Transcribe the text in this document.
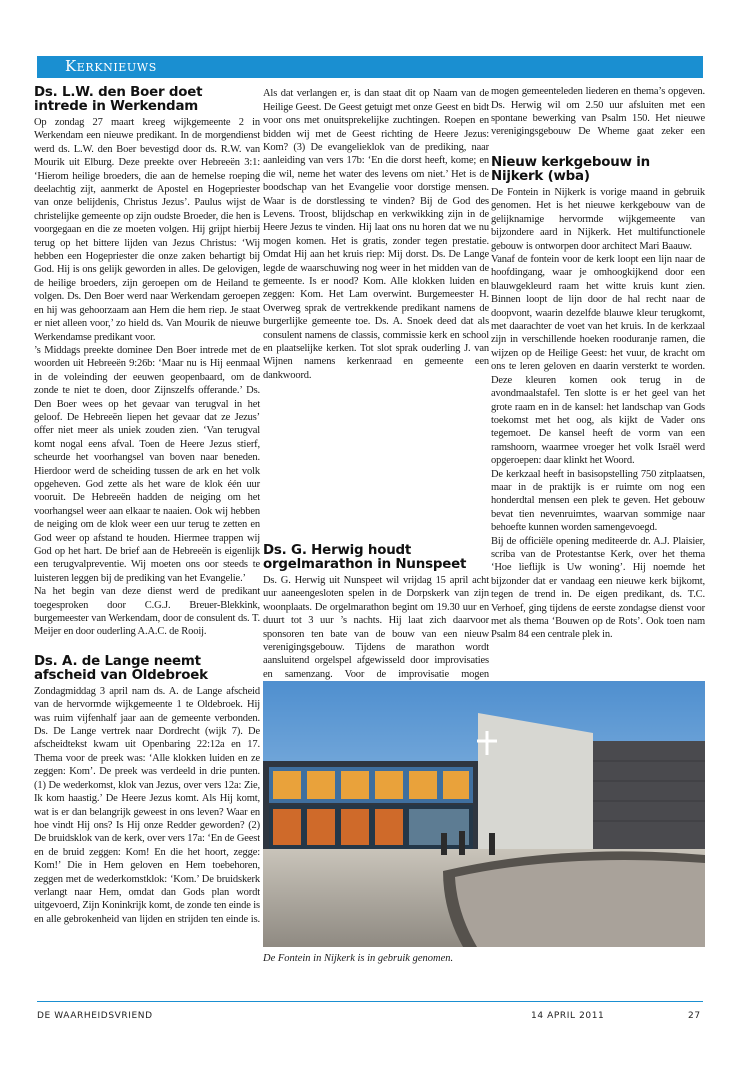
Kerknieuws
Ds. L.W. den Boer doet intrede in Werkendam

Op zondag 27 maart kreeg wijkgemeente 2 in Werkendam een nieuwe predikant. In de morgendienst werd ds. L.W. den Boer bevestigd door ds. R.W. van Mourik uit Elburg. Deze preekte over Hebreeën 3:1: ‘Hierom heilige broeders, die aan de hemelse roeping deelachtig zijt, aanmerkt de Apostel en Hogepriester van onze belijdenis, Christus Jezus’. Paulus wijst de christelijke gemeente op zijn oudste Broeder, die hen is voorgegaan en die ze moeten volgen. Hij grijpt hierbij terug op het bittere lijden van Jezus Christus: ‘Wij hebben een Hogepriester die onze zaken behartigt bij God. Hij is ons gelijk geworden in alles. De gelovigen, de heilige broeders, zijn geroepen om de Heiland te volgen. Ds. Den Boer werd naar Werkendam geroepen en hij was gehoorzaam aan Hem die hem riep. Je staat er niet alleen voor,’ zo hield ds. Van Mourik de nieuwe Werkendamse predikant voor.

’s Middags preekte dominee Den Boer intrede met de woorden uit Hebreeën 9:26b: ‘Maar nu is Hij eenmaal in de voleinding der eeuwen geopenbaard, om de zonde te niet te doen, door Zijnszelfs offerande.’ Ds. Den Boer wees op het gevaar van terugval in het geloof. De Hebreeën liepen het gevaar dat ze Jezus’ offer niet meer als uniek zouden zien. ‘Van terugval komt nogal eens afval. Toen de Heere Jezus stierf, scheurde het voorhangsel van boven naar beneden. Hierdoor werd de scheiding tussen de ark en het volk opgeheven. God zette als het ware de klok één uur vooruit. De Hebreeën hadden de neiging om het voorhangsel weer aan elkaar te naaien. Ook wij hebben de neiging om de klok weer een uur terug te zetten en God weer op afstand te houden. Hiermee trappen wij God op het hart. De brief aan de Hebreeën is eigenlijk een terugvalpreventie. Wij moeten ons oor steeds te luisteren leggen bij de prediking van het Evangelie.’

Na het begin van deze dienst werd de predikant toegesproken door C.G.J. Breuer-Blekkink, burgemeester van Werkendam, door de consulent ds. T. Meijer en door ouderling A.A.C. de Rooij.

Ds. A. de Lange neemt afscheid van Oldebroek

Zondagmiddag 3 april nam ds. A. de Lange afscheid van de hervormde wijkgemeente 1 te Oldebroek. Hij was ruim vijfenhalf jaar aan de gemeente verbonden. Ds. De Lange vertrek naar Dordrecht (wijk 7). De afscheidtekst kwam uit Openbaring 22:12a en 17. Thema voor de preek was: ‘Alle klokken luiden en ze zeggen: Kom’. De preek was verdeeld in drie punten. (1) De wederkomst, klok van Jezus, over vers 12a: Zie, Ik kom haastig.’ De Heere Jezus komt. Als Hij komt, wat is er dan belangrijk geweest in ons leven? Waar en hoe vindt Hij ons? Is Hij onze Redder geworden? (2) De bruidsklok van de kerk, over vers 17a: ‘En de Geest en de bruid zeggen: Kom! En die het hoort, zegge: Kom!’ Die in Hem geloven en Hem toebehoren, zeggen met de wederkomstklok: ‘Kom.’ De bruidskerk verlangt naar Hem, omdat dan Gods plan wordt uitgevoerd, Zijn Koninkrijk komt, de zonde ten einde is en alle gebrokenheid van lijden en strijden ten einde is.

Als dat verlangen er, is dan staat dit op Naam van de Heilige Geest. De Geest getuigt met onze Geest en bidt voor ons met onuitsprekelijke zuchtingen. Roepen en bidden wij met de Geest richting de Heere Jezus: Kom? (3) De evangelieklok van de prediking, naar aanleiding van vers 17b: ‘En die dorst heeft, kome; en die wil, neme het water des levens om niet.’ Het is de boodschap van het Evangelie voor dorstige mensen. Waar is de dorstlessing te vinden? Bij de God des Levens. Troost, blijdschap en verkwikking zijn in de Heere Jezus te vinden. Hij laat ons nu horen dat we nu mogen komen. Het is gratis, zonder tegen prestatie. Omdat Hij aan het kruis riep: Mij dorst. Ds. De Lange legde de waarschuwing nog weer in het midden van de gemeente. Is er nood? Kom. Alle klokken luiden en zeggen: Kom. Het Lam overwint. Burgemeester H. Overweg sprak de vertrekkende predikant namens de burgerlijke gemeente toe. Ds. A. Snoek deed dat als consulent namens de classis, commissie kerk en school en plaatselijke kerken. Tot slot sprak ouderling J. van Wijnen namens kerkenraad en gemeente een dankwoord.

Ds. G. Herwig houdt orgelmarathon in Nunspeet

Ds. G. Herwig uit Nunspeet wil vrijdag 15 april acht uur aaneengesloten spelen in de Dorpskerk van zijn woonplaats. De orgelmarathon begint om 19.30 uur en duurt tot 3 uur ’s nachts. Hij laat zich daarvoor sponsoren ten bate van de bouw van een nieuw verenigingsgebouw. Tijdens de marathon wordt aansluitend orgelspel afgewisseld door improvisaties en samenzang. Voor de improvisatie mogen

mogen gemeenteleden liederen en thema’s opgeven. Ds. Herwig wil om 2.50 uur afsluiten met een spontane bewerking van Psalm 150. Het nieuwe verenigingsgebouw De Wheme gaat zeker een

Nieuw kerkgebouw in Nijkerk (wba)

De Fontein in Nijkerk is vorige maand in gebruik genomen. Het is het nieuwe kerkgebouw van de gelijknamige hervormde wijkgemeente van bijzondere aard in Nijkerk. Het multifunctionele gebouw is ontworpen door architect Mari Baauw.

Vanaf de fontein voor de kerk loopt een lijn naar de hoofdingang, waar je omhoogkijkend door een blauwgekleurd raam het witte kruis kunt zien. Binnen loopt de lijn door de hal recht naar de doopvont, waarin dezelfde blauwe kleur terugkomt, met daarachter de voet van het kruis. In de kerkzaal zijn in verschillende hoeken rooduranje ramen, die wijzen op de Heilige Geest: het vuur, de kracht om ons te leren geloven en daarin versterkt te worden. Deze kleuren komen ook terug in de avondmaalstafel. Ten slotte is er het geel van het grote raam en in de kansel: het landschap van Gods toekomst met het oog, als kijkt de Vader ons tegemoet. De kansel heeft de vorm van een ramshoorn, waarmee vroeger het volk Israël werd opgeroepen: daar klinkt het Woord.

De kerkzaal heeft in basisopstelling 750 zitplaatsen, maar in de praktijk is er ruimte om nog een honderdtal mensen een plek te geven. Het gebouw bevat tien nevenruimtes, waarvan sommige naar behoefte kunnen worden samengevoegd.

Bij de officiële opening mediteerde dr. A.J. Plaisier, scriba van de Protestantse Kerk, over het thema ‘Hoe lieflijk is Uw woning’. Hij noemde het bijzonder dat er vandaag een nieuwe kerk bijkomt, tegen de trend in. De eigen predikant, ds. T.C. Verhoef, ging tijdens de eerste zondagse dienst voor met als thema ‘Bouwen op de Rots’. Ook toen nam Psalm 84 een centrale plek in.

De Fontein in Nijkerk is in gebruik genomen.
DE WAARHEIDSVRIEND	14 APRIL 2011	27
